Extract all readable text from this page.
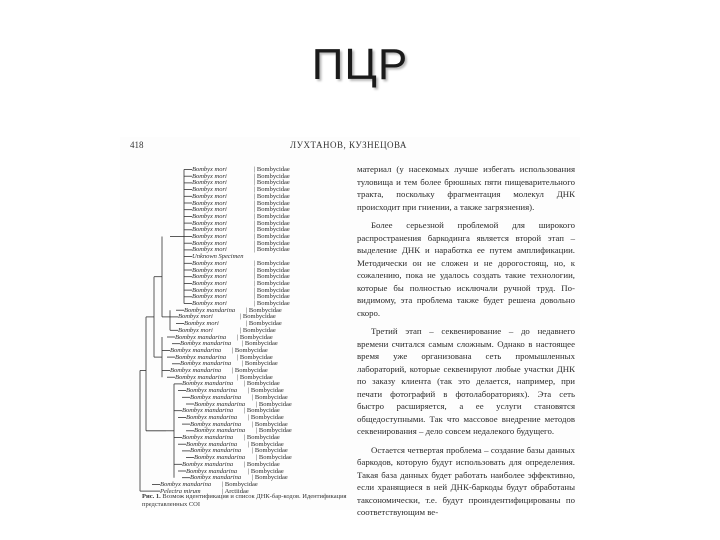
ПЦР
418	ЛУХТАНОВ, КУЗНЕЦОВА
Bombyx mori	| Bombycidae
Bombyx mori	| Bombycidae
Bombyx mori	| Bombycidae
Bombyx mori	| Bombycidae
Bombyx mori	| Bombycidae
Bombyx mori	| Bombycidae
Bombyx mori	| Bombycidae
Bombyx mori	| Bombycidae
Bombyx mori	| Bombycidae
Bombyx mori	| Bombycidae
Bombyx mori	| Bombycidae
Bombyx mori	| Bombycidae
Bombyx mori	| Bombycidae
Unknown Specimen
Bombyx mori	| Bombycidae
Bombyx mori	| Bombycidae
Bombyx mori	| Bombycidae
Bombyx mori	| Bombycidae
Bombyx mori	| Bombycidae
Bombyx mori	| Bombycidae
Bombyx mori	| Bombycidae
Bombyx mandarina | Bombycidae
Bombyx mori	| Bombycidae
Bombyx mori	| Bombycidae
Bombyx mori	| Bombycidae
Bombyx mandarina | Bombycidae
Bombyx mandarina | Bombycidae
Bombyx mandarina | Bombycidae
Bombyx mandarina | Bombycidae
Bombyx mandarina | Bombycidae
Bombyx mandarina | Bombycidae
Bombyx mandarina | Bombycidae
Bombyx mandarina | Bombycidae
Bombyx mandarina | Bombycidae
Bombyx mandarina | Bombycidae
Bombyx mandarina | Bombycidae
Bombyx mandarina | Bombycidae
Bombyx mandarina | Bombycidae
Bombyx mandarina | Bombycidae
Bombyx mandarina | Bombycidae
Bombyx mandarina | Bombycidae
Bombyx mandarina | Bombycidae
Bombyx mandarina | Bombycidae
Bombyx mandarina | Bombycidae
Bombyx mandarina | Bombycidae
Bombyx mandarina | Bombycidae
Bombyx mandarina | Bombycidae
Bombyx mandarina | Bombycidae
Pelectra mirum	| Arctiidae
Рис. 1. Возмож идентификация и список ДНК-бар-кодов. Идентификация представленных СОI

материал (у насекомых лучше избегать использования туловища и тем более брюшных пяти пищеварительного тракта, поскольку фрагментация молекул ДНК происходит при гниении, а также загрязнения).

Более серьезной проблемой для широкого распространения баркодинга является второй этап – выделение ДНК и наработка ее путем амплификации. Методически он не сложен и не дорогостоящ, но, к сожалению, пока не удалось создать такие технологии, которые бы полностью исключали ручной труд. По-видимому, эта проблема также будет решена довольно скоро.

Третий этап – секвенирование – до недавнего времени считался самым сложным. Однако в настоящее время уже организована сеть промышленных лабораторий, которые секвенируют любые участки ДНК по заказу клиента (так это делается, например, при печати фотографий в фотолабораториях). Эта сеть быстро расширяется, а ее услуги становятся общедоступными. Так что массовое внедрение методов секвенирования – дело совсем недалекого будущего.

Остается четвертая проблема – создание базы данных баркодов, которую будут использовать для определения. Такая база данных будет работать наиболее эффективно, если хранящиеся в ней ДНК-баркоды будут обработаны таксономически, т.е. будут проиндентифицированы по соответствующим ве-
